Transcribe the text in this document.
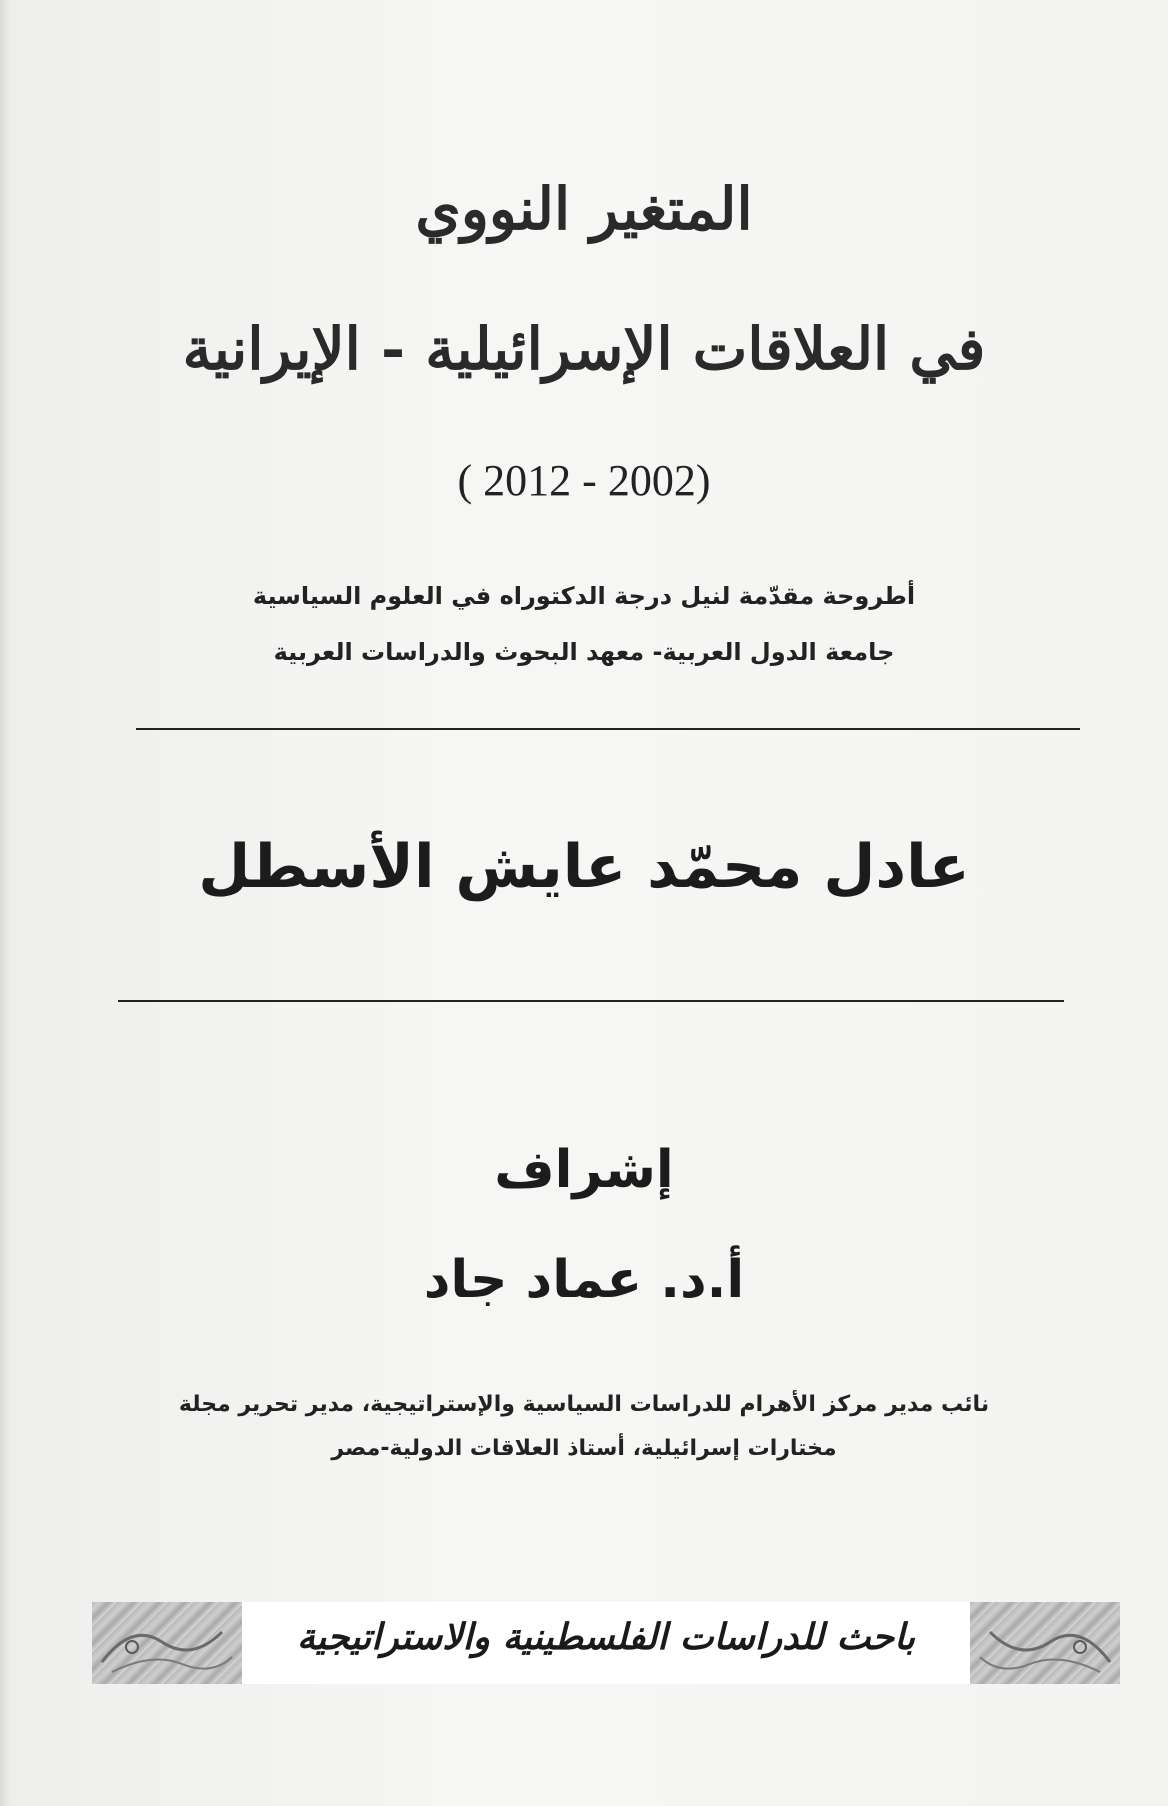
المتغير النووي
في العلاقات الإسرائيلية - الإيرانية
( 2012 - 2002)
أطروحة مقدّمة لنيل درجة الدكتوراه في العلوم السياسية
جامعة الدول العربية- معهد البحوث والدراسات العربية
عادل محمّد عايش الأسطل
إشراف
أ.د. عماد جاد
نائب مدير مركز الأهرام للدراسات السياسية والإستراتيجية، مدير تحرير مجلة
مختارات إسرائيلية، أستاذ العلاقات الدولية-مصر
باحث للدراسات الفلسطينية والاستراتيجية
